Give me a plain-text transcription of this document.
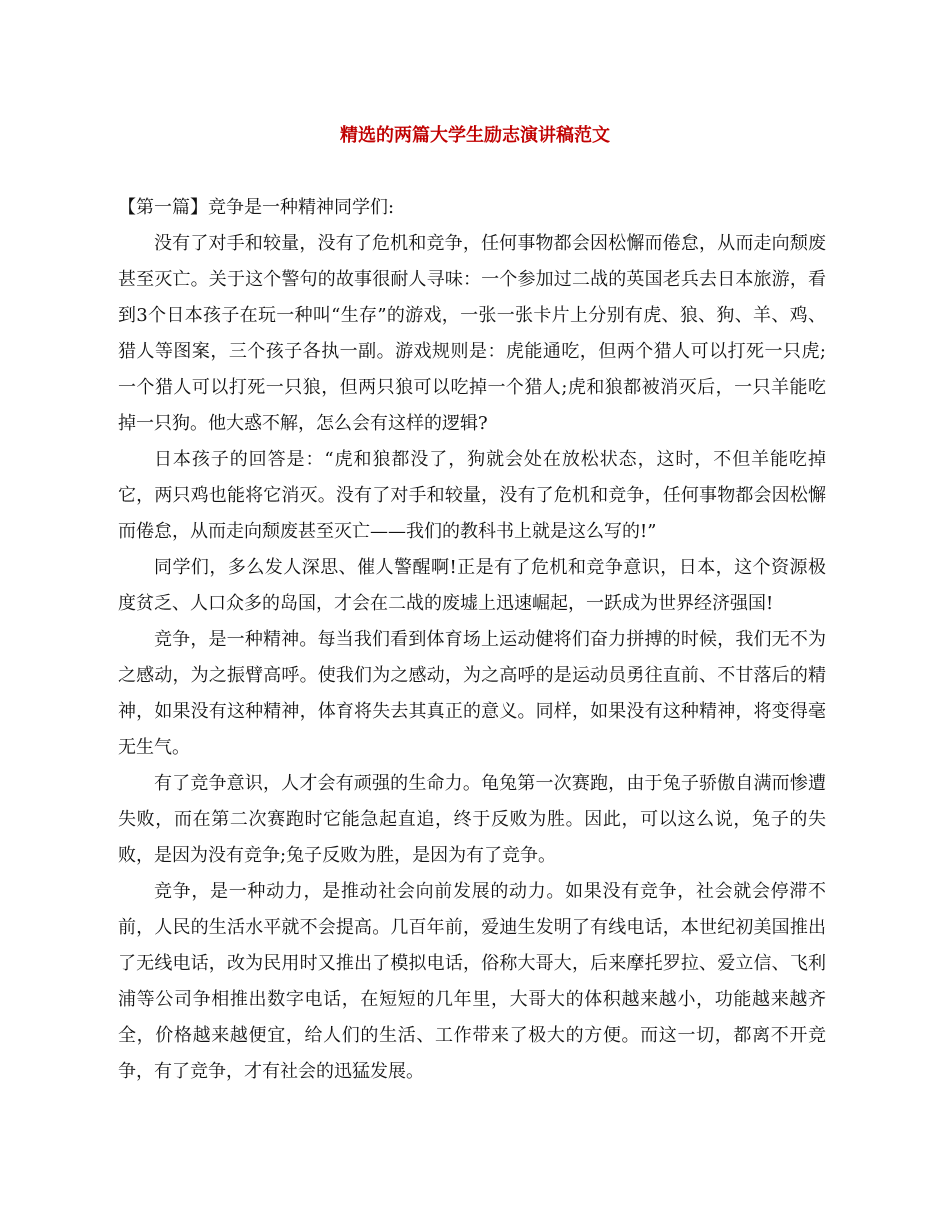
精选的两篇大学生励志演讲稿范文

【第一篇】竞争是一种精神同学们:

没有了对手和较量，没有了危机和竞争，任何事物都会因松懈而倦怠，从而走向颓废甚至灭亡。关于这个警句的故事很耐人寻味：一个参加过二战的英国老兵去日本旅游，看到3个日本孩子在玩一种叫“生存”的游戏，一张一张卡片上分别有虎、狼、狗、羊、鸡、猎人等图案，三个孩子各执一副。游戏规则是：虎能通吃，但两个猎人可以打死一只虎;一个猎人可以打死一只狼，但两只狼可以吃掉一个猎人;虎和狼都被消灭后，一只羊能吃掉一只狗。他大惑不解，怎么会有这样的逻辑?

日本孩子的回答是：“虎和狼都没了，狗就会处在放松状态，这时，不但羊能吃掉它，两只鸡也能将它消灭。没有了对手和较量，没有了危机和竞争，任何事物都会因松懈而倦怠，从而走向颓废甚至灭亡——我们的教科书上就是这么写的!”

同学们，多么发人深思、催人警醒啊!正是有了危机和竞争意识，日本，这个资源极度贫乏、人口众多的岛国，才会在二战的废墟上迅速崛起，一跃成为世界经济强国!

竞争，是一种精神。每当我们看到体育场上运动健将们奋力拼搏的时候，我们无不为之感动，为之振臂高呼。使我们为之感动，为之高呼的是运动员勇往直前、不甘落后的精神，如果没有这种精神，体育将失去其真正的意义。同样，如果没有这种精神，将变得毫无生气。

有了竞争意识，人才会有顽强的生命力。龟兔第一次赛跑，由于兔子骄傲自满而惨遭失败，而在第二次赛跑时它能急起直追，终于反败为胜。因此，可以这么说，兔子的失败，是因为没有竞争;兔子反败为胜，是因为有了竞争。

竞争，是一种动力，是推动社会向前发展的动力。如果没有竞争，社会就会停滞不前，人民的生活水平就不会提高。几百年前，爱迪生发明了有线电话，本世纪初美国推出了无线电话，改为民用时又推出了模拟电话，俗称大哥大，后来摩托罗拉、爱立信、飞利浦等公司争相推出数字电话，在短短的几年里，大哥大的体积越来越小，功能越来越齐全，价格越来越便宜，给人们的生活、工作带来了极大的方便。而这一切，都离不开竞争，有了竞争，才有社会的迅猛发展。
